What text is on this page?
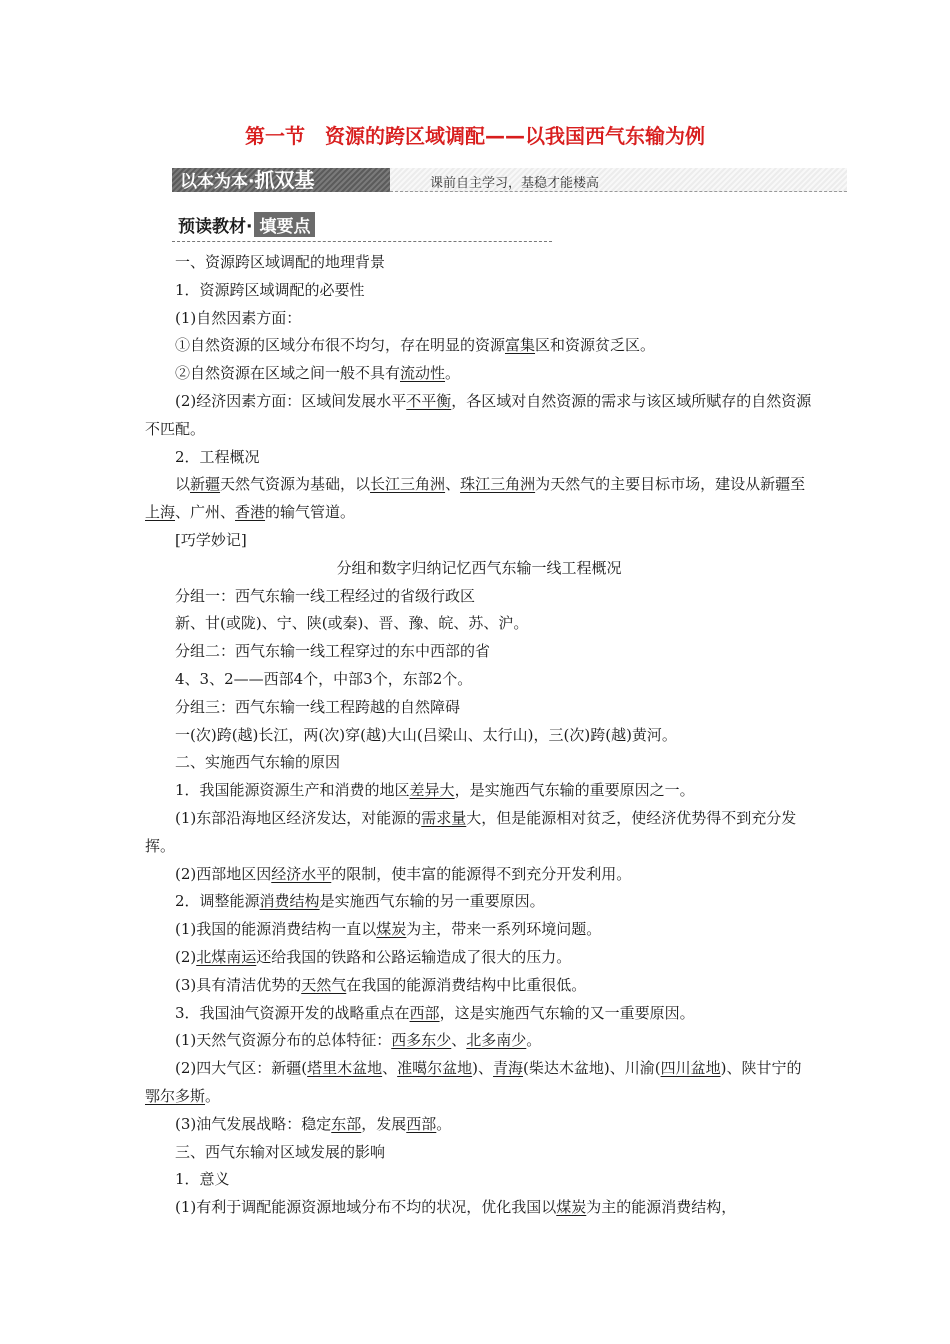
第一节　资源的跨区域调配——以我国西气东输为例
以本为本·抓双基	课前自主学习，基稳才能楼高
预读教材· 填要点

一、资源跨区域调配的地理背景

1．资源跨区域调配的必要性

(1)自然因素方面：

①自然资源的区域分布很不均匀，存在明显的资源富集区和资源贫乏区。

②自然资源在区域之间一般不具有流动性。

(2)经济因素方面：区域间发展水平不平衡，各区域对自然资源的需求与该区域所赋存的自然资源不匹配。

2．工程概况

以新疆天然气资源为基础，以长江三角洲、珠江三角洲为天然气的主要目标市场，建设从新疆至上海、广州、香港的输气管道。

[巧学妙记]

分组和数字归纳记忆西气东输一线工程概况

分组一：西气东输一线工程经过的省级行政区

新、甘(或陇)、宁、陕(或秦)、晋、豫、皖、苏、沪。

分组二：西气东输一线工程穿过的东中西部的省

4、3、2——西部4个，中部3个，东部2个。

分组三：西气东输一线工程跨越的自然障碍

一(次)跨(越)长江，两(次)穿(越)大山(吕梁山、太行山)，三(次)跨(越)黄河。

二、实施西气东输的原因

1．我国能源资源生产和消费的地区差异大，是实施西气东输的重要原因之一。

(1)东部沿海地区经济发达，对能源的需求量大，但是能源相对贫乏，使经济优势得不到充分发挥。

(2)西部地区因经济水平的限制，使丰富的能源得不到充分开发利用。

2．调整能源消费结构是实施西气东输的另一重要原因。

(1)我国的能源消费结构一直以煤炭为主，带来一系列环境问题。

(2)北煤南运还给我国的铁路和公路运输造成了很大的压力。

(3)具有清洁优势的天然气在我国的能源消费结构中比重很低。

3．我国油气资源开发的战略重点在西部，这是实施西气东输的又一重要原因。

(1)天然气资源分布的总体特征：西多东少、北多南少。

(2)四大气区：新疆(塔里木盆地、准噶尔盆地)、青海(柴达木盆地)、川渝(四川盆地)、陕甘宁的鄂尔多斯。

(3)油气发展战略：稳定东部，发展西部。

三、西气东输对区域发展的影响

1．意义

(1)有利于调配能源资源地域分布不均的状况，优化我国以煤炭为主的能源消费结构，
